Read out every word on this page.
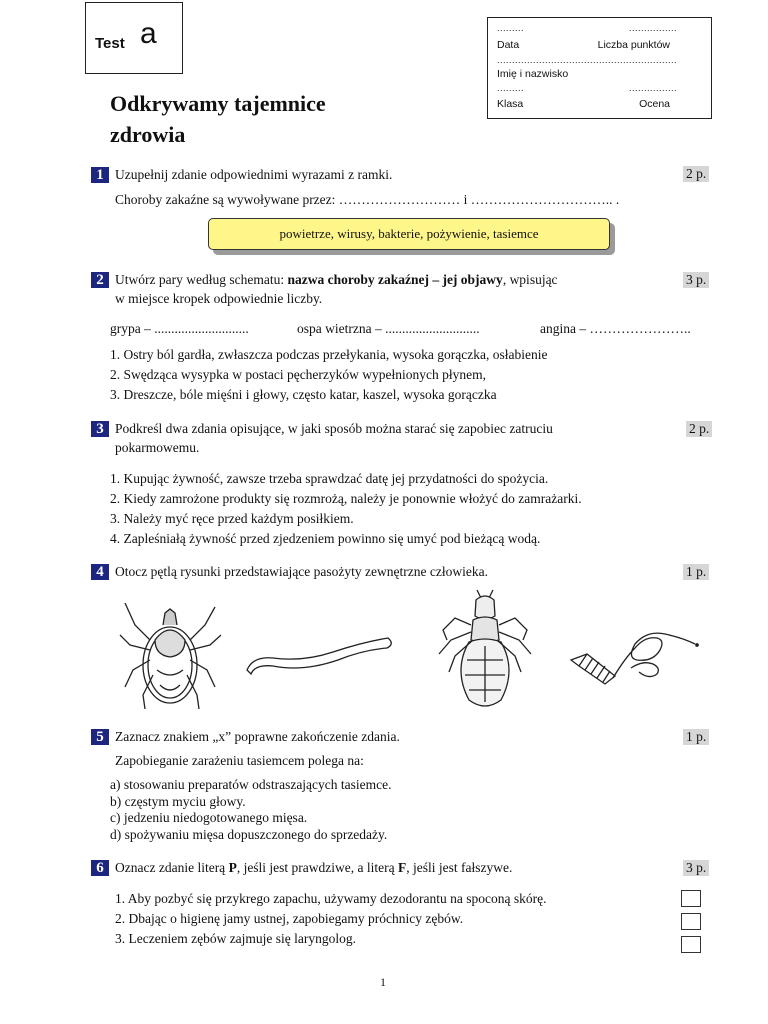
Test a	.........	................
Data	Liczba punktów
............................................................
Imię i nazwisko
.........	................
Klasa	Ocena
Odkrywamy tajemnice
zdrowia
1 Uzupełnij zdanie odpowiednimi wyrazami z ramki.	2 p.
Choroby zakaźne są wywoływane przez: ……………………… i ………………………….. .
powietrze, wirusy, bakterie, pożywienie, tasiemce
2 Utwórz pary według schematu: nazwa choroby zakaźnej – jej objawy, wpisując
w miejsce kropek odpowiednie liczby.
3 p.
grypa – ............................	ospa wietrzna – ............................	angina – …………………..
1. Ostry ból gardła, zwłaszcza podczas przełykania, wysoka gorączka, osłabienie
2. Swędząca wysypka w postaci pęcherzyków wypełnionych płynem,
3. Dreszcze, bóle mięśni i głowy, często katar, kaszel, wysoka gorączka
3 Podkreśl dwa zdania opisujące, w jaki sposób można starać się zapobiec zatruciu
pokarmowemu.
2 p.
1. Kupując żywność, zawsze trzeba sprawdzać datę jej przydatności do spożycia.
2. Kiedy zamrożone produkty się rozmrożą, należy je ponownie włożyć do zamrażarki.
3. Należy myć ręce przed każdym posiłkiem.
4. Zapleśniałą żywność przed zjedzeniem powinno się umyć pod bieżącą wodą.
4 Otocz pętlą rysunki przedstawiające pasożyty zewnętrzne człowieka.	1 p.
5 Zaznacz znakiem „x” poprawne zakończenie zdania.	1 p.
Zapobieganie zarażeniu tasiemcem polega na:
a) stosowaniu preparatów odstraszających tasiemce.
b) częstym myciu głowy.
c) jedzeniu niedogotowanego mięsa.
d) spożywaniu mięsa dopuszczonego do sprzedaży.
6 Oznacz zdanie literą P, jeśli jest prawdziwe, a literą F, jeśli jest fałszywe.	3 p.
1. Aby pozbyć się przykrego zapachu, używamy dezodorantu na spoconą skórę.
2. Dbając o higienę jamy ustnej, zapobiegamy próchnicy zębów.
3. Leczeniem zębów zajmuje się laryngolog.
1
